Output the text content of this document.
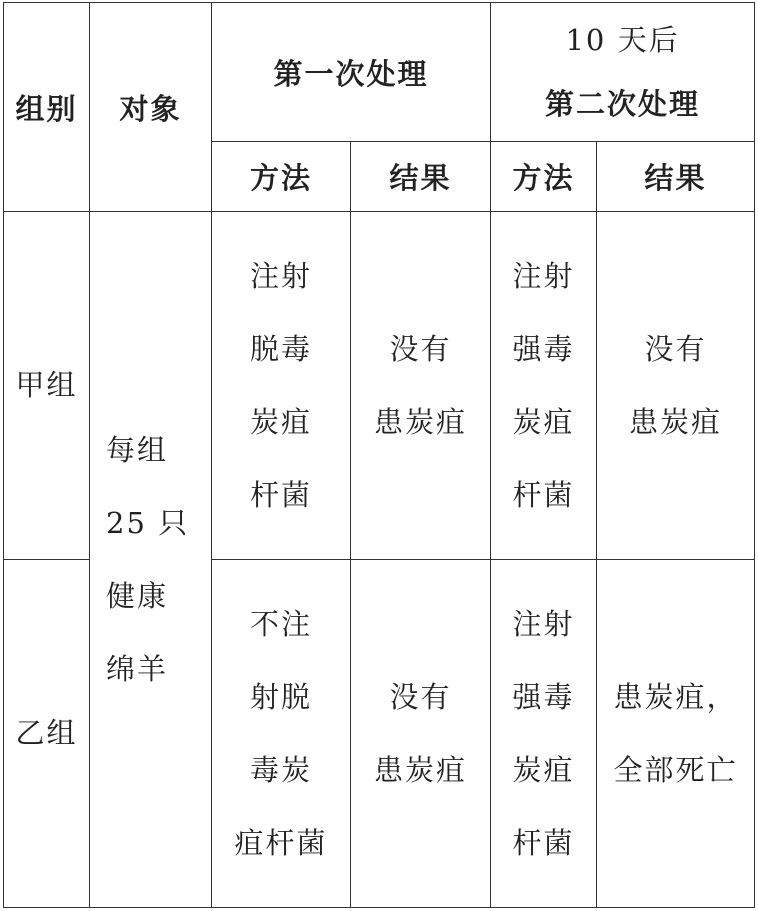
组别	对象	第一次处理		10 天后
第二次处理	

		方法	结果	方法	结果
甲组	每组
25 只
健康
绵羊	注射
脱毒
炭疽
杆菌	没有
患炭疽	注射
强毒
炭疽
杆菌	没有
患炭疽

乙组		不注
射脱
毒炭
疽杆菌	没有
患炭疽	注射
强毒
炭疽
杆菌	患炭疽，
全部死亡
